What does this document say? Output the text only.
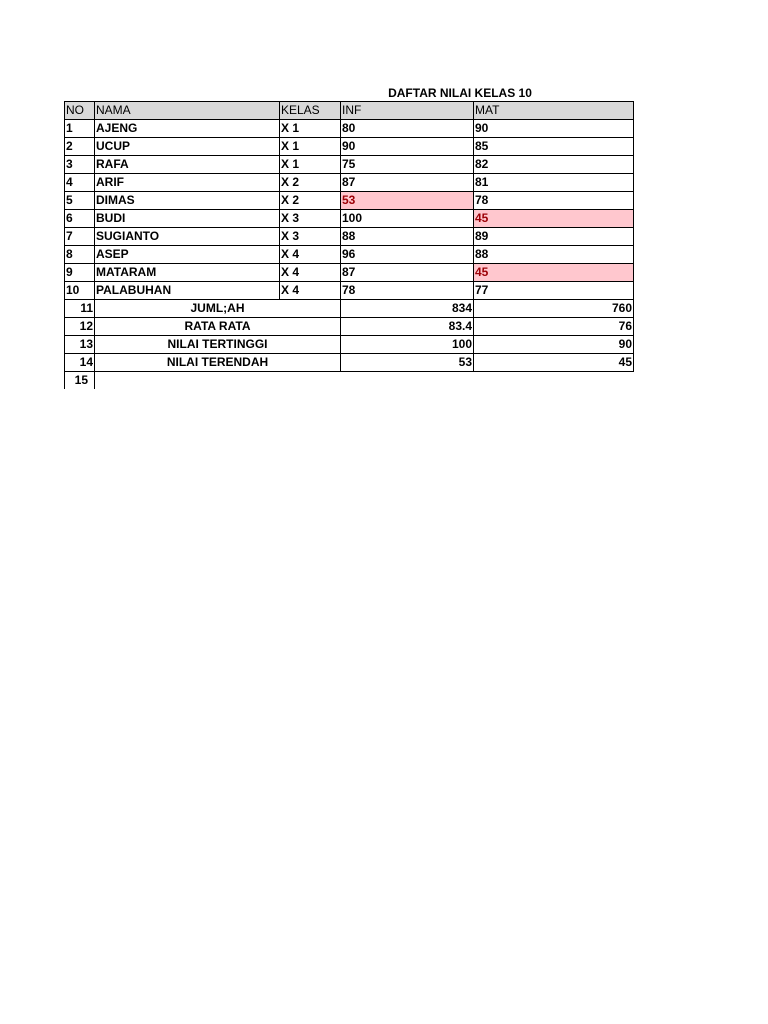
DAFTAR NILAI KELAS 10
NO	NAMA	KELAS	INF	MAT
1	AJENG	X 1	80	90
2	UCUP	X 1	90	85
3	RAFA	X 1	75	82
4	ARIF	X 2	87	81
5	DIMAS	X 2	53	78
6	BUDI	X 3	100	45
7	SUGIANTO	X 3	88	89
8	ASEP	X 4	96	88
9	MATARAM	X 4	87	45
10	PALABUHAN	X 4	78	77
11	JUML;AH		834	760
12	RATA RATA		83.4	76
13	NILAI TERTINGGI		100	90
14	NILAI TERENDAH		53	45
15				
